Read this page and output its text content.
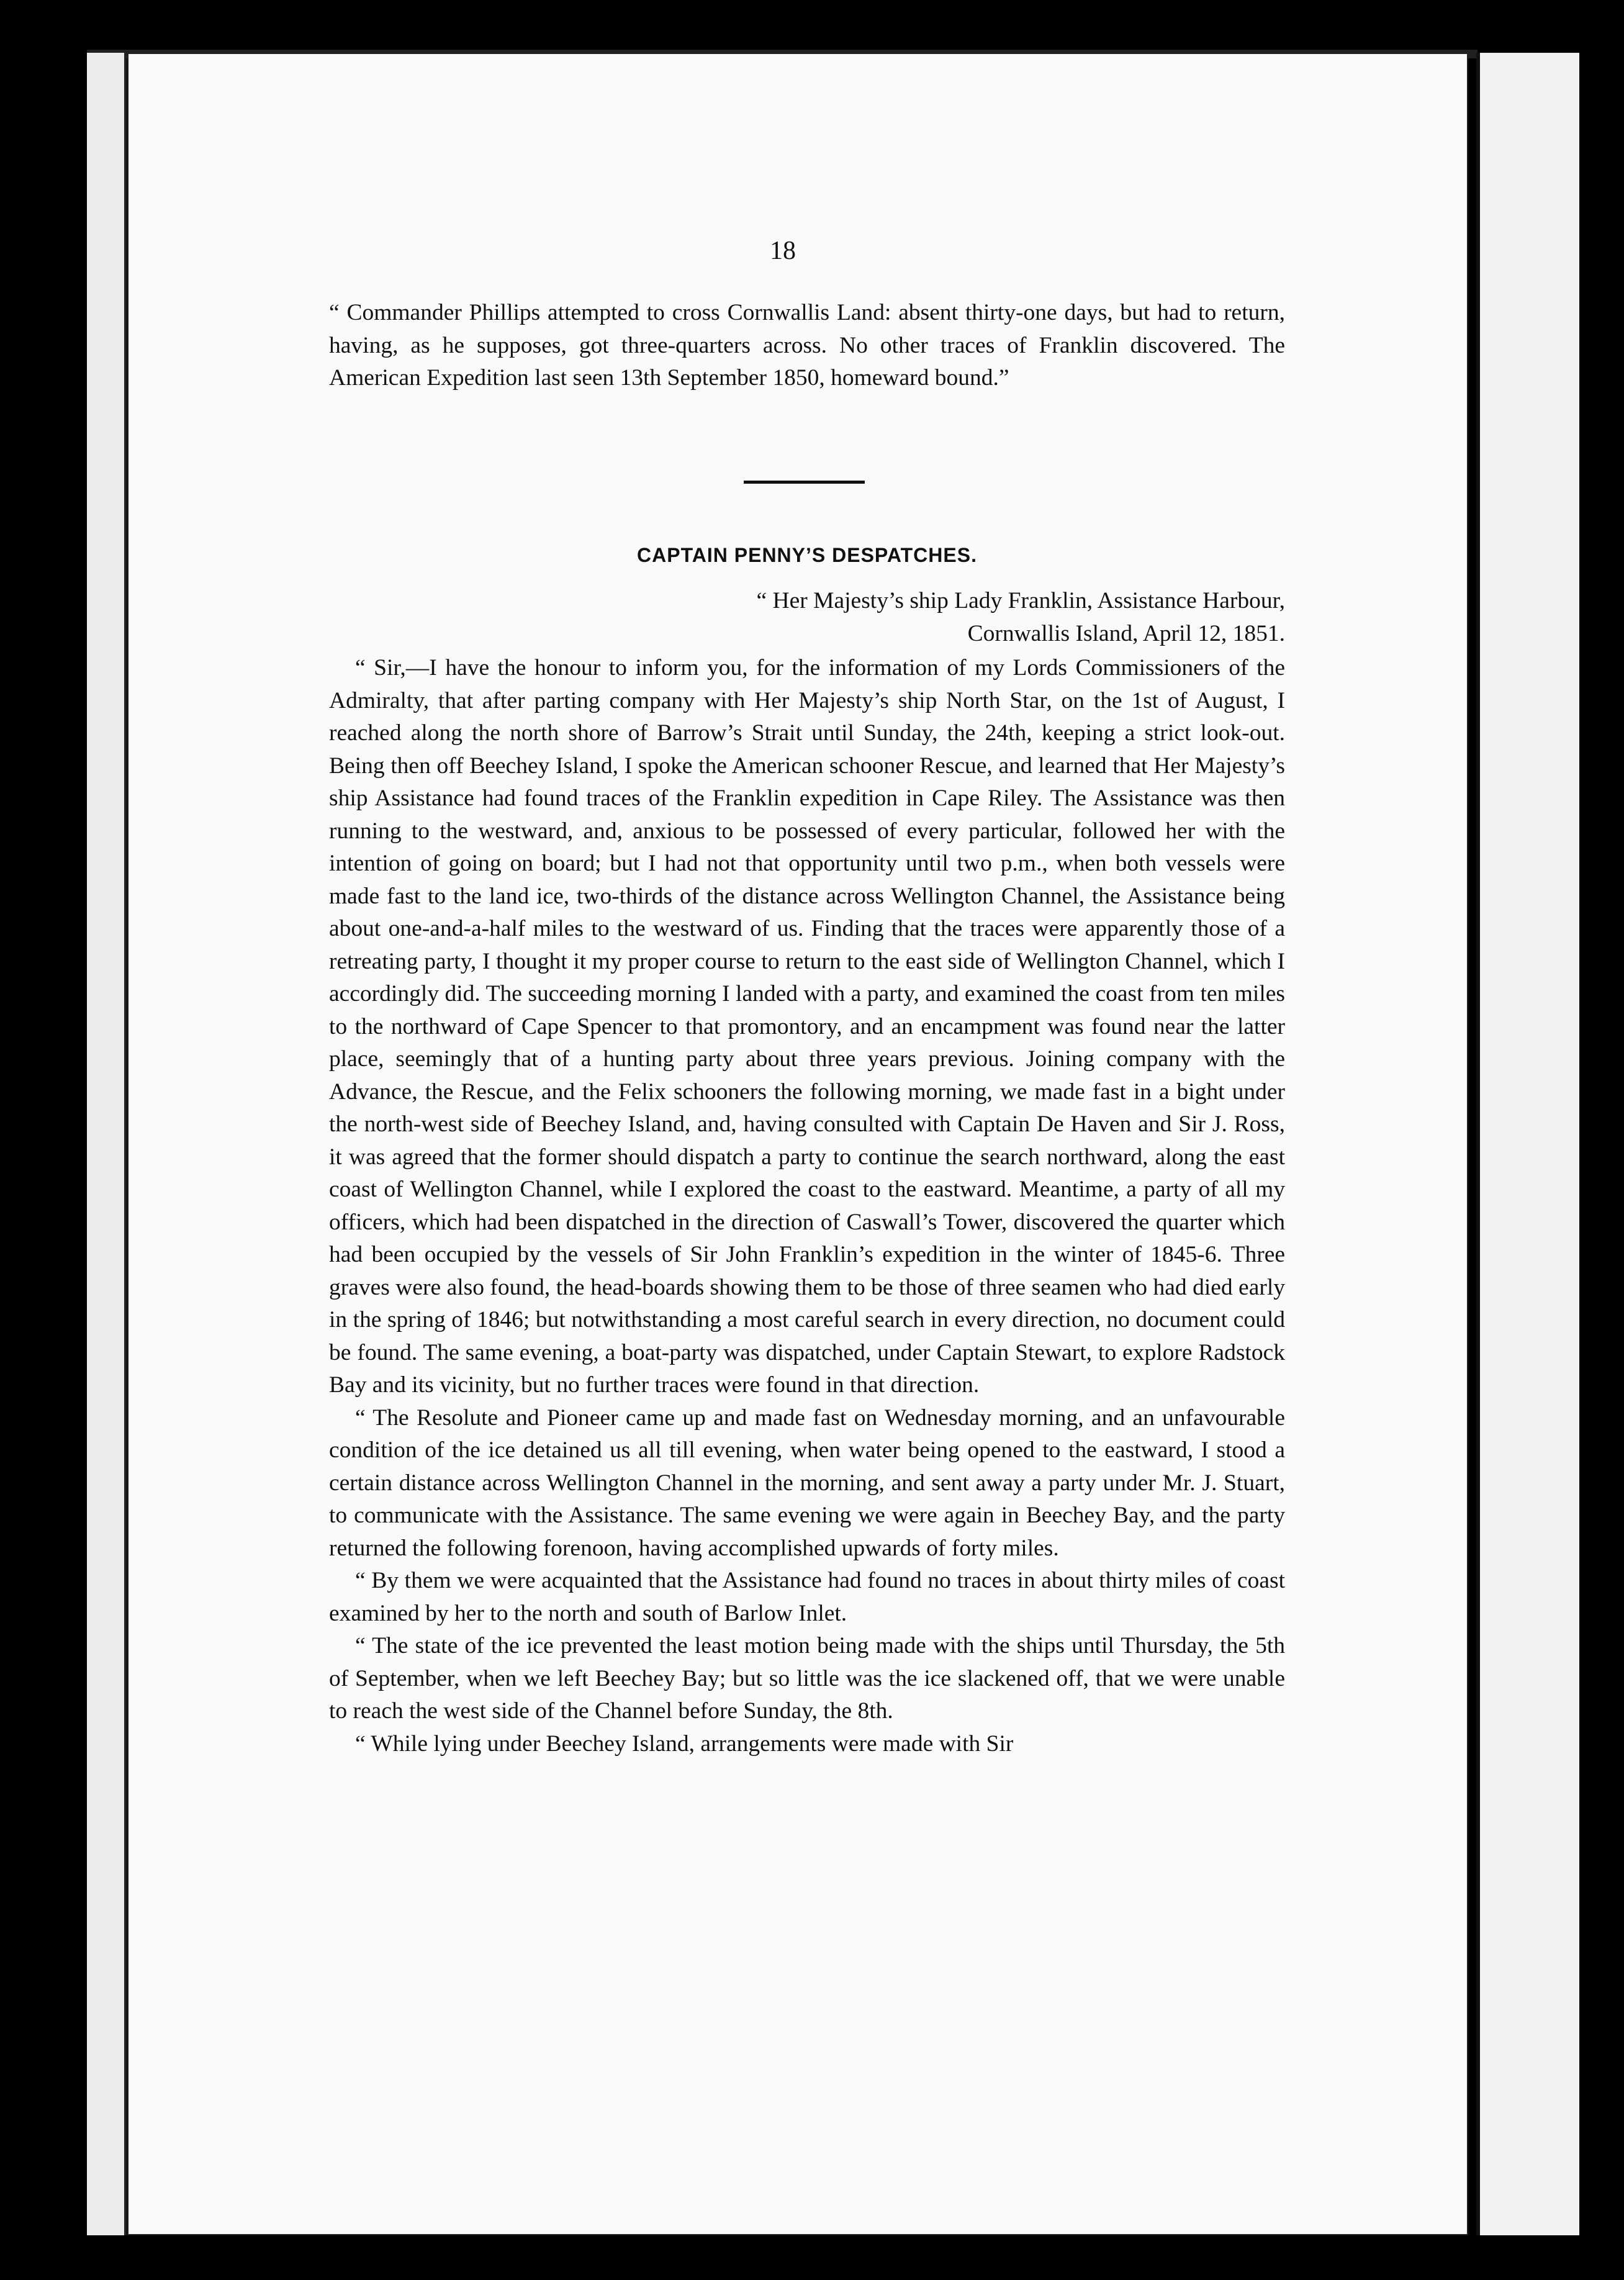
18

“ Commander Phillips attempted to cross Cornwallis Land: absent thirty-one days, but had to return, having, as he supposes, got three-quarters across. No other traces of Franklin discovered. The American Expedition last seen 13th September 1850, homeward bound.”

CAPTAIN PENNY’S DESPATCHES.

“ Her Majesty’s ship Lady Franklin, Assistance Harbour,

Cornwallis Island, April 12, 1851.

“ Sir,—I have the honour to inform you, for the information of my Lords Commissioners of the Admiralty, that after parting company with Her Majesty’s ship North Star, on the 1st of August, I reached along the north shore of Barrow’s Strait until Sunday, the 24th, keeping a strict look-out. Being then off Beechey Island, I spoke the American schooner Rescue, and learned that Her Majesty’s ship Assistance had found traces of the Franklin expedition in Cape Riley. The Assistance was then running to the westward, and, anxious to be possessed of every particular, followed her with the intention of going on board; but I had not that opportunity until two p.m., when both vessels were made fast to the land ice, two-thirds of the distance across Wellington Channel, the Assistance being about one-and-a-half miles to the westward of us. Finding that the traces were apparently those of a retreating party, I thought it my proper course to return to the east side of Wellington Channel, which I accordingly did. The succeeding morning I landed with a party, and examined the coast from ten miles to the northward of Cape Spencer to that promontory, and an encampment was found near the latter place, seemingly that of a hunting party about three years previous. Joining company with the Advance, the Rescue, and the Felix schooners the following morning, we made fast in a bight under the north-west side of Beechey Island, and, having consulted with Captain De Haven and Sir J. Ross, it was agreed that the former should dispatch a party to continue the search northward, along the east coast of Wellington Channel, while I explored the coast to the eastward. Meantime, a party of all my officers, which had been dispatched in the direction of Caswall’s Tower, discovered the quarter which had been occupied by the vessels of Sir John Franklin’s expedition in the winter of 1845-6. Three graves were also found, the head-boards showing them to be those of three seamen who had died early in the spring of 1846; but notwithstanding a most careful search in every direction, no document could be found. The same evening, a boat-party was dispatched, under Captain Stewart, to explore Radstock Bay and its vicinity, but no further traces were found in that direction.

“ The Resolute and Pioneer came up and made fast on Wednesday morning, and an unfavourable condition of the ice detained us all till evening, when water being opened to the eastward, I stood a certain distance across Wellington Channel in the morning, and sent away a party under Mr. J. Stuart, to communicate with the Assistance. The same evening we were again in Beechey Bay, and the party returned the following forenoon, having accomplished upwards of forty miles.

“ By them we were acquainted that the Assistance had found no traces in about thirty miles of coast examined by her to the north and south of Barlow Inlet.

“ The state of the ice prevented the least motion being made with the ships until Thursday, the 5th of September, when we left Beechey Bay; but so little was the ice slackened off, that we were unable to reach the west side of the Channel before Sunday, the 8th.

“ While lying under Beechey Island, arrangements were made with Sir
